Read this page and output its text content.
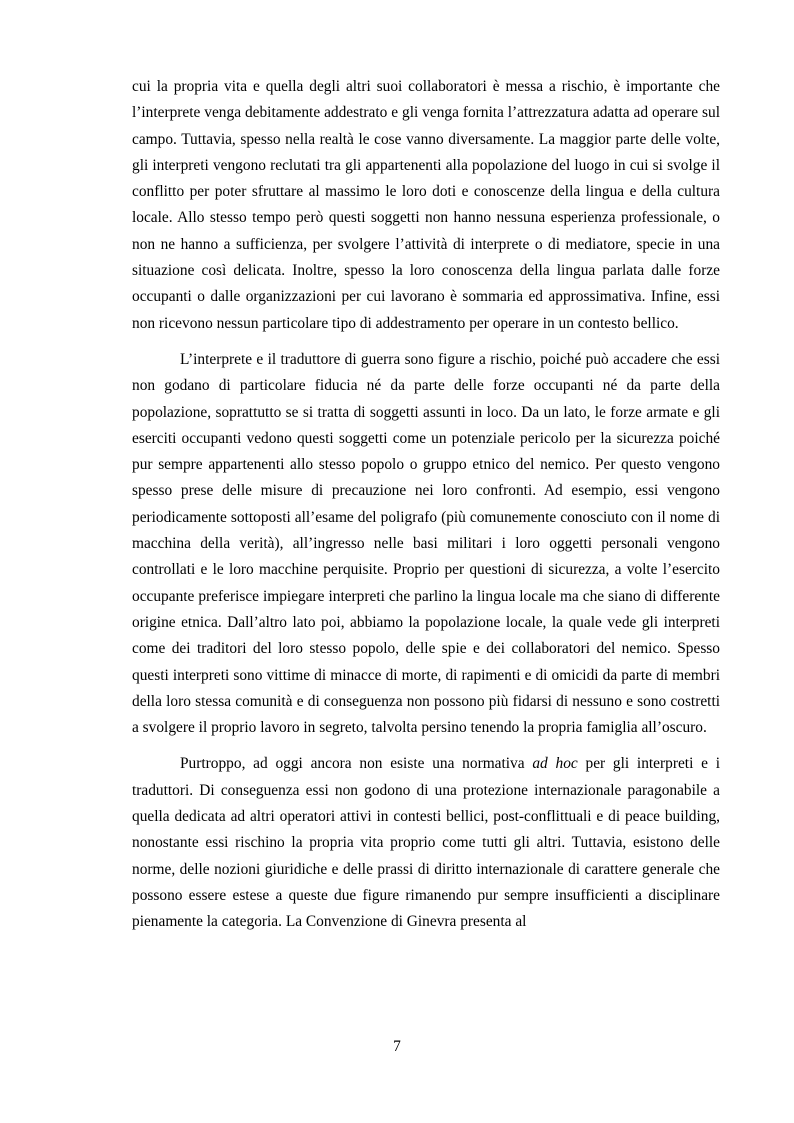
cui la propria vita e quella degli altri suoi collaboratori è messa a rischio, è importante che l’interprete venga debitamente addestrato e gli venga fornita l’attrezzatura adatta ad operare sul campo. Tuttavia, spesso nella realtà le cose vanno diversamente. La maggior parte delle volte, gli interpreti vengono reclutati tra gli appartenenti alla popolazione del luogo in cui si svolge il conflitto per poter sfruttare al massimo le loro doti e conoscenze della lingua e della cultura locale. Allo stesso tempo però questi soggetti non hanno nessuna esperienza professionale, o non ne hanno a sufficienza, per svolgere l’attività di interprete o di mediatore, specie in una situazione così delicata. Inoltre, spesso la loro conoscenza della lingua parlata dalle forze occupanti o dalle organizzazioni per cui lavorano è sommaria ed approssimativa. Infine, essi non ricevono nessun particolare tipo di addestramento per operare in un contesto bellico.

L’interprete e il traduttore di guerra sono figure a rischio, poiché può accadere che essi non godano di particolare fiducia né da parte delle forze occupanti né da parte della popolazione, soprattutto se si tratta di soggetti assunti in loco. Da un lato, le forze armate e gli eserciti occupanti vedono questi soggetti come un potenziale pericolo per la sicurezza poiché pur sempre appartenenti allo stesso popolo o gruppo etnico del nemico. Per questo vengono spesso prese delle misure di precauzione nei loro confronti. Ad esempio, essi vengono periodicamente sottoposti all’esame del poligrafo (più comunemente conosciuto con il nome di macchina della verità), all’ingresso nelle basi militari i loro oggetti personali vengono controllati e le loro macchine perquisite. Proprio per questioni di sicurezza, a volte l’esercito occupante preferisce impiegare interpreti che parlino la lingua locale ma che siano di differente origine etnica. Dall’altro lato poi, abbiamo la popolazione locale, la quale vede gli interpreti come dei traditori del loro stesso popolo, delle spie e dei collaboratori del nemico. Spesso questi interpreti sono vittime di minacce di morte, di rapimenti e di omicidi da parte di membri della loro stessa comunità e di conseguenza non possono più fidarsi di nessuno e sono costretti a svolgere il proprio lavoro in segreto, talvolta persino tenendo la propria famiglia all’oscuro.

Purtroppo, ad oggi ancora non esiste una normativa ad hoc per gli interpreti e i traduttori. Di conseguenza essi non godono di una protezione internazionale paragonabile a quella dedicata ad altri operatori attivi in contesti bellici, post-conflittuali e di peace building, nonostante essi rischino la propria vita proprio come tutti gli altri. Tuttavia, esistono delle norme, delle nozioni giuridiche e delle prassi di diritto internazionale di carattere generale che possono essere estese a queste due figure rimanendo pur sempre insufficienti a disciplinare pienamente la categoria. La Convenzione di Ginevra presenta al

7
